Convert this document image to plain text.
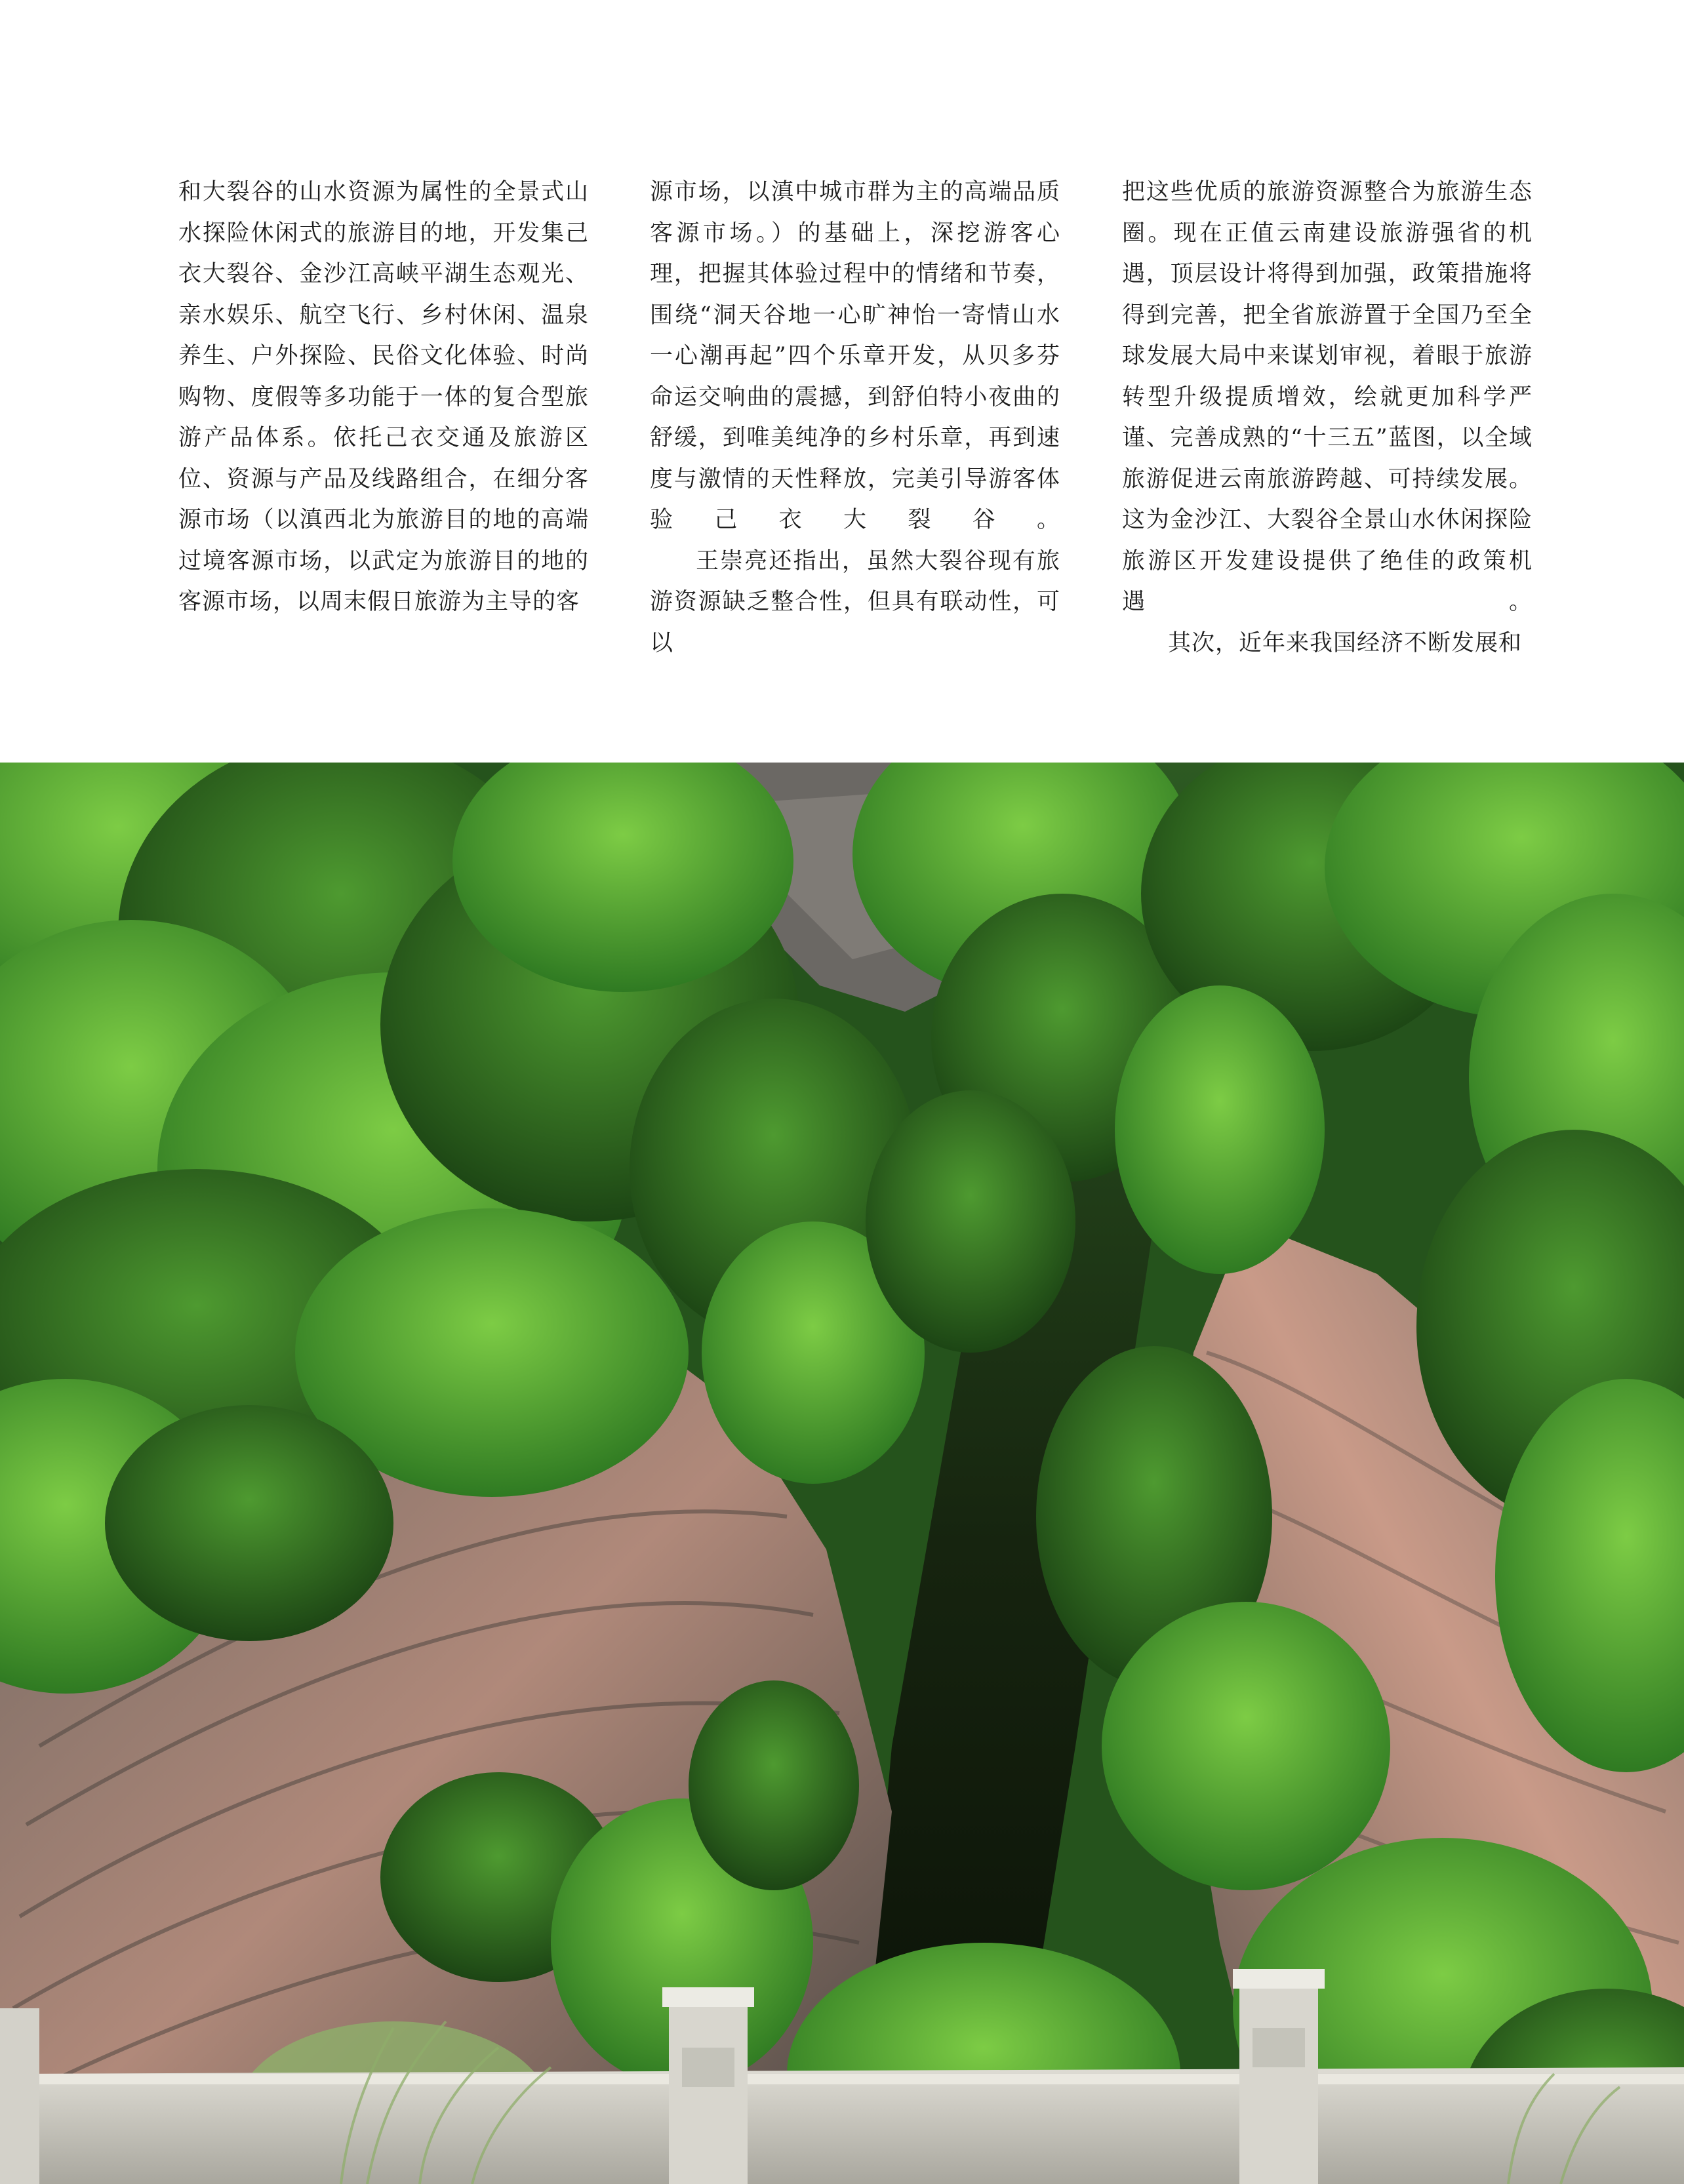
和大裂谷的山水资源为属性的全景式山水探险休闲式的旅游目的地，开发集己衣大裂谷、金沙江高峡平湖生态观光、亲水娱乐、航空飞行、乡村休闲、温泉养生、户外探险、民俗文化体验、时尚购物、度假等多功能于一体的复合型旅游产品体系。依托己衣交通及旅游区位、资源与产品及线路组合，在细分客源市场（以滇西北为旅游目的地的高端过境客源市场，以武定为旅游目的地的客源市场，以周末假日旅游为主导的客

源市场，以滇中城市群为主的高端品质客源市场。）的基础上，深挖游客心理，把握其体验过程中的情绪和节奏，围绕“洞天谷地一心旷神怡一寄情山水一心潮再起”四个乐章开发，从贝多芬命运交响曲的震撼，到舒伯特小夜曲的舒缓，到唯美纯净的乡村乐章，再到速度与激情的天性释放，完美引导游客体验己衣大裂谷。

王崇亮还指出，虽然大裂谷现有旅游资源缺乏整合性，但具有联动性，可以

把这些优质的旅游资源整合为旅游生态圈。现在正值云南建设旅游强省的机遇，顶层设计将得到加强，政策措施将得到完善，把全省旅游置于全国乃至全球发展大局中来谋划审视，着眼于旅游转型升级提质增效，绘就更加科学严谨、完善成熟的“十三五”蓝图，以全域旅游促进云南旅游跨越、可持续发展。这为金沙江、大裂谷全景山水休闲探险旅游区开发建设提供了绝佳的政策机遇。

其次，近年来我国经济不断发展和
